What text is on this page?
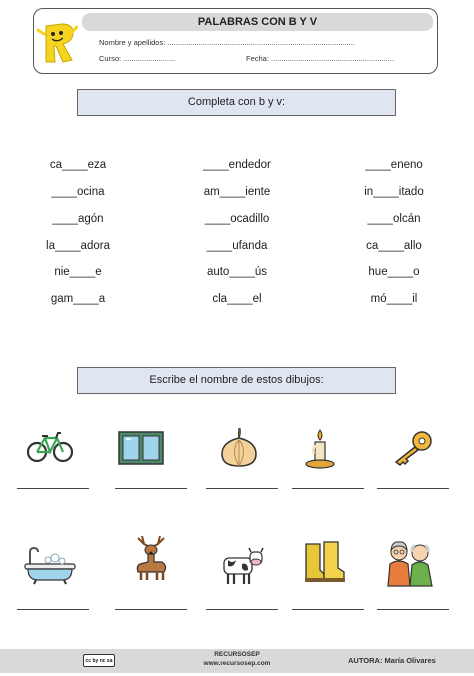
PALABRAS CON B Y V
Nombre y apellidos: ..........................................................................................
Curso: .........................	Fecha: ...........................................................
Completa con b y v:
ca____eza	____endedor	____eneno
____ocina	am____iente	in____itado
____agón	____ocadillo	____olcán
la____adora	____ufanda	ca____allo
nie____e	auto____ús	hue____o
gam____a	cla____el	mó____il
Escribe el nombre de estos dibujos:
cc by nc sa
RECURSOSEP
www.recursosep.com	AUTORA: María Olivares
